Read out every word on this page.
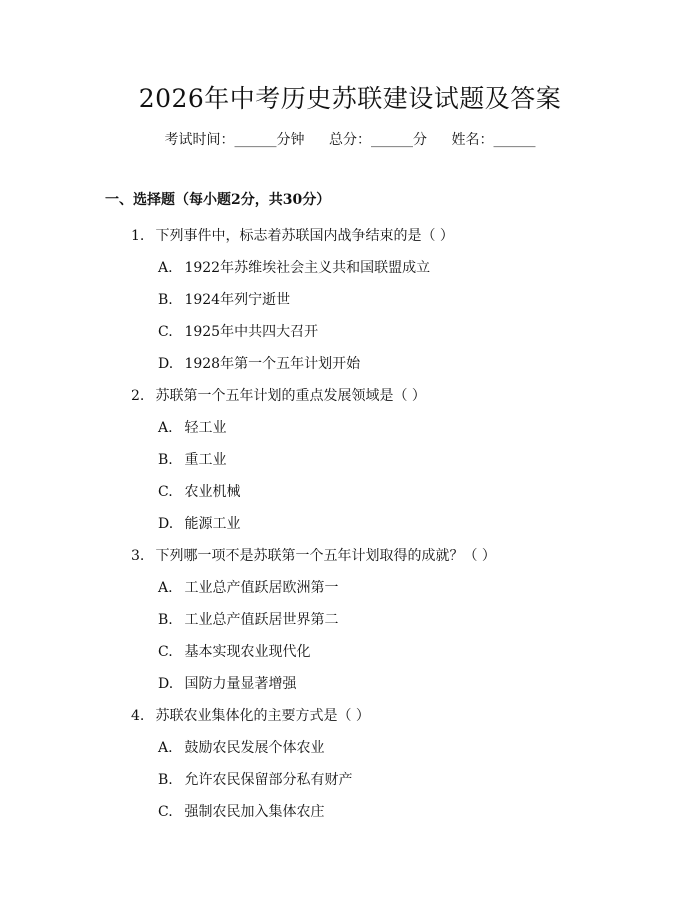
2026年中考历史苏联建设试题及答案
考试时间：______分钟 总分：______分 姓名：______
一、选择题（每小题2分，共30分）
1. 下列事件中，标志着苏联国内战争结束的是（ ）
A. 1922年苏维埃社会主义共和国联盟成立
B. 1924年列宁逝世
C. 1925年中共四大召开
D. 1928年第一个五年计划开始
2. 苏联第一个五年计划的重点发展领域是（ ）
A. 轻工业
B. 重工业
C. 农业机械
D. 能源工业
3. 下列哪一项不是苏联第一个五年计划取得的成就？（ ）
A. 工业总产值跃居欧洲第一
B. 工业总产值跃居世界第二
C. 基本实现农业现代化
D. 国防力量显著增强
4. 苏联农业集体化的主要方式是（ ）
A. 鼓励农民发展个体农业
B. 允许农民保留部分私有财产
C. 强制农民加入集体农庄
